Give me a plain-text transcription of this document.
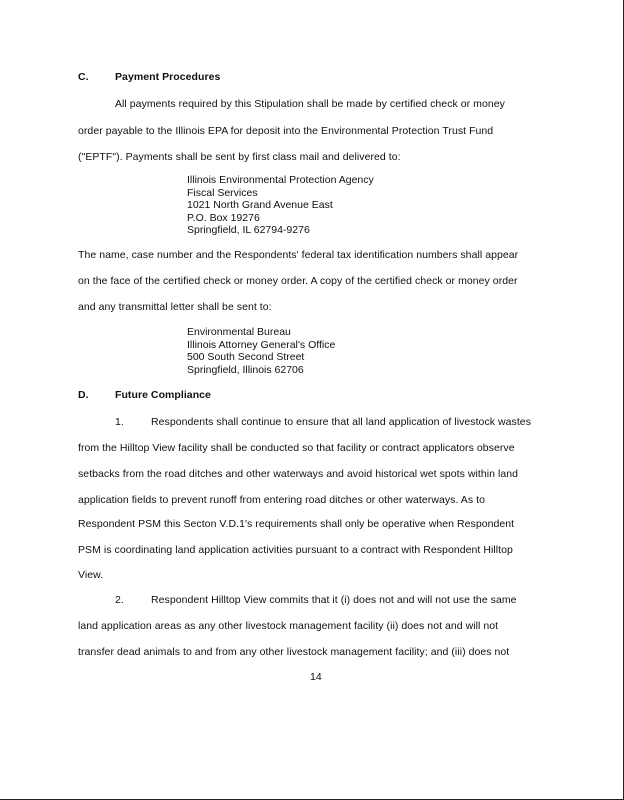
C.	Payment Procedures
All payments required by this Stipulation shall be made by certified check or money
order payable to the Illinois EPA for deposit into the Environmental Protection Trust Fund
("EPTF"). Payments shall be sent by first class mail and delivered to:
Illinois Environmental Protection Agency
Fiscal Services
1021 North Grand Avenue East
P.O. Box 19276
Springfield, IL 62794-9276
The name, case number and the Respondents' federal tax identification numbers shall appear
on the face of the certified check or money order. A copy of the certified check or money order
and any transmittal letter shall be sent to:
Environmental Bureau
Illinois Attorney General's Office
500 South Second Street
Springfield, Illinois 62706
D.	Future Compliance
1.	Respondents shall continue to ensure that all land application of livestock wastes
from the Hilltop View facility shall be conducted so that facility or contract applicators observe
setbacks from the road ditches and other waterways and avoid historical wet spots within land
application fields to prevent runoff from entering road ditches or other waterways. As to
Respondent PSM this Secton V.D.1's requirements shall only be operative when Respondent
PSM is coordinating land application activities pursuant to a contract with Respondent Hilltop
View.
2.	Respondent Hilltop View commits that it (i) does not and will not use the same
land application areas as any other livestock management facility (ii) does not and will not
transfer dead animals to and from any other livestock management facility; and (iii) does not
14
